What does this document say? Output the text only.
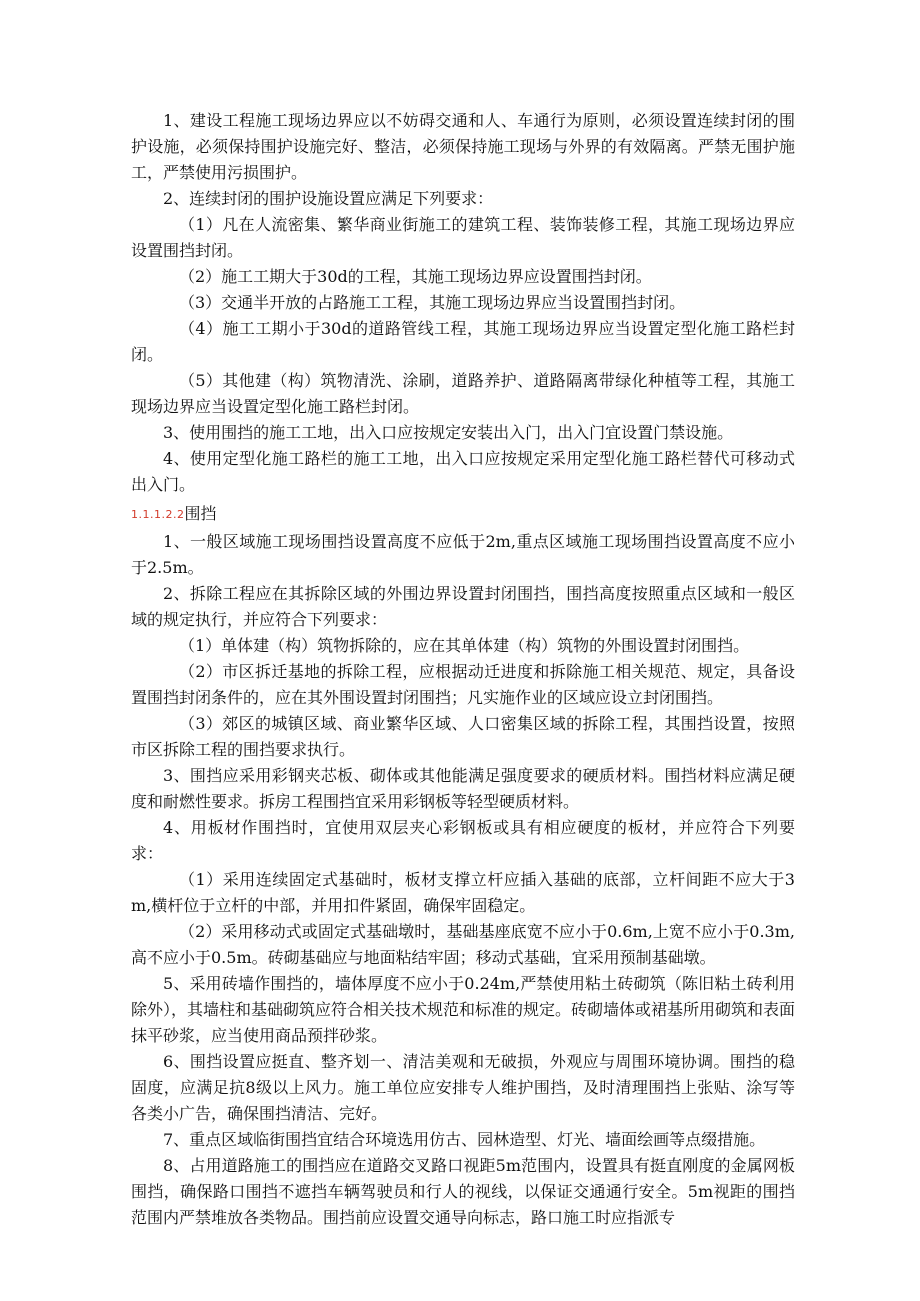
1、建设工程施工现场边界应以不妨碍交通和人、车通行为原则，必须设置连续封闭的围护设施，必须保持围护设施完好、整洁，必须保持施工现场与外界的有效隔离。严禁无围护施工，严禁使用污损围护。

2、连续封闭的围护设施设置应满足下列要求：

（1）凡在人流密集、繁华商业街施工的建筑工程、装饰装修工程，其施工现场边界应设置围挡封闭。

（2）施工工期大于30d的工程，其施工现场边界应设置围挡封闭。

（3）交通半开放的占路施工工程，其施工现场边界应当设置围挡封闭。

（4）施工工期小于30d的道路管线工程，其施工现场边界应当设置定型化施工路栏封闭。

（5）其他建（构）筑物清洗、涂刷，道路养护、道路隔离带绿化种植等工程，其施工现场边界应当设置定型化施工路栏封闭。

3、使用围挡的施工工地，出入口应按规定安装出入门，出入门宜设置门禁设施。

4、使用定型化施工路栏的施工工地，出入口应按规定采用定型化施工路栏替代可移动式出入门。

1.1.1.2.2围挡

1、一般区域施工现场围挡设置高度不应低于2m,重点区域施工现场围挡设置高度不应小于2.5m。

2、拆除工程应在其拆除区域的外围边界设置封闭围挡，围挡高度按照重点区域和一般区域的规定执行，并应符合下列要求：

（1）单体建（构）筑物拆除的，应在其单体建（构）筑物的外围设置封闭围挡。

（2）市区拆迁基地的拆除工程，应根据动迁进度和拆除施工相关规范、规定，具备设置围挡封闭条件的，应在其外围设置封闭围挡；凡实施作业的区域应设立封闭围挡。

（3）郊区的城镇区域、商业繁华区域、人口密集区域的拆除工程，其围挡设置，按照市区拆除工程的围挡要求执行。

3、围挡应采用彩钢夹芯板、砌体或其他能满足强度要求的硬质材料。围挡材料应满足硬度和耐燃性要求。拆房工程围挡宜采用彩钢板等轻型硬质材料。

4、用板材作围挡时，宜使用双层夹心彩钢板或具有相应硬度的板材，并应符合下列要求：

（1）采用连续固定式基础时，板材支撑立杆应插入基础的底部，立杆间距不应大于3m,横杆位于立杆的中部，并用扣件紧固，确保牢固稳定。

（2）采用移动式或固定式基础墩时，基础基座底宽不应小于0.6m,上宽不应小于0.3m,高不应小于0.5m。砖砌基础应与地面粘结牢固；移动式基础，宜采用预制基础墩。

5、采用砖墙作围挡的，墙体厚度不应小于0.24m,严禁使用粘土砖砌筑（陈旧粘土砖利用除外），其墙柱和基础砌筑应符合相关技术规范和标准的规定。砖砌墙体或裙基所用砌筑和表面抹平砂浆，应当使用商品预拌砂浆。

6、围挡设置应挺直、整齐划一、清洁美观和无破损，外观应与周围环境协调。围挡的稳固度，应满足抗8级以上风力。施工单位应安排专人维护围挡，及时清理围挡上张贴、涂写等各类小广告，确保围挡清洁、完好。

7、重点区域临街围挡宜结合环境选用仿古、园林造型、灯光、墙面绘画等点缀措施。

8、占用道路施工的围挡应在道路交叉路口视距5m范围内，设置具有挺直刚度的金属网板围挡，确保路口围挡不遮挡车辆驾驶员和行人的视线，以保证交通通行安全。5m视距的围挡范围内严禁堆放各类物品。围挡前应设置交通导向标志，路口施工时应指派专
